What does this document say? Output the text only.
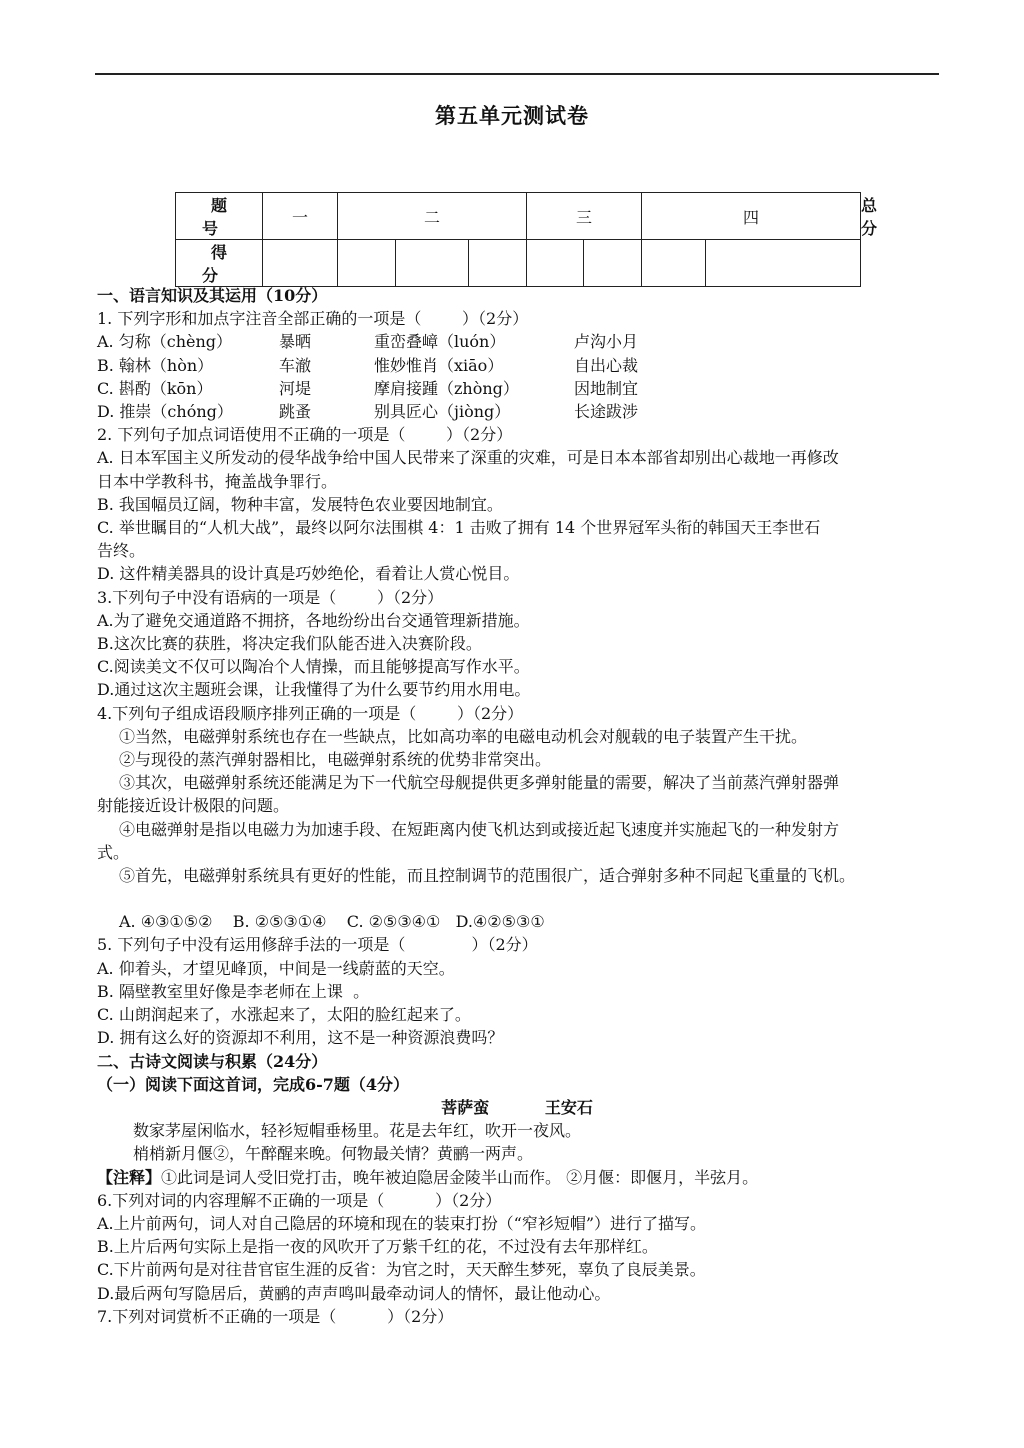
第五单元测试卷
题 号	一	二			三		四		总分
得 分									

一、语言知识及其运用（10分）

1. 下列字形和加点字注音全部正确的一项是（        ）（2分）

A. 匀称（chèng）	暴晒	重峦叠嶂（luón）	卢沟小月
B. 翰林（hòn）	车澈	惟妙惟肖（xiāo）	自出心裁
C. 斟酌（kōn）	河堤	摩肩接踵（zhòng）	因地制宜
D. 推崇（chóng）	跳蚤	别具匠心（jiòng）	长途跋涉

2. 下列句子加点词语使用不正确的一项是（        ）（2分）

A. 日本军国主义所发动的侵华战争给中国人民带来了深重的灾难，可是日本本部省却别出心裁地一再修改

日本中学教科书，掩盖战争罪行。

B. 我国幅员辽阔，物种丰富，发展特色农业要因地制宜。

C. 举世瞩目的“人机大战”，最终以阿尔法围棋 4：1 击败了拥有 14 个世界冠军头衔的韩国天王李世石

告终。

D. 这件精美器具的设计真是巧妙绝伦，看着让人赏心悦目。

3.下列句子中没有语病的一项是（        ）（2分）

A.为了避免交通道路不拥挤，各地纷纷出台交通管理新措施。

B.这次比赛的获胜，将决定我们队能否进入决赛阶段。

C.阅读美文不仅可以陶冶个人情操，而且能够提高写作水平。

D.通过这次主题班会课，让我懂得了为什么要节约用水用电。

4.下列句子组成语段顺序排列正确的一项是（        ）（2分）

①当然，电磁弹射系统也存在一些缺点，比如高功率的电磁电动机会对舰载的电子装置产生干扰。

②与现役的蒸汽弹射器相比，电磁弹射系统的优势非常突出。

③其次，电磁弹射系统还能满足为下一代航空母舰提供更多弹射能量的需要，解决了当前蒸汽弹射器弹

射能接近设计极限的问题。

④电磁弹射是指以电磁力为加速手段、在短距离内使飞机达到或接近起飞速度并实施起飞的一种发射方

式。

⑤首先，电磁弹射系统具有更好的性能，而且控制调节的范围很广，适合弹射多种不同起飞重量的飞机。

A. ④③①⑤②    B. ②⑤③①④    C. ②⑤③④①   D.④②⑤③①

5. 下列句子中没有运用修辞手法的一项是（             ）（2分）

A. 仰着头，才望见峰顶，中间是一线蔚蓝的天空。

B. 隔壁教室里好像是李老师在上课  。

C. 山朗润起来了，水涨起来了，太阳的脸红起来了。

D. 拥有这么好的资源却不利用，这不是一种资源浪费吗？

二、古诗文阅读与积累（24分）

（一）阅读下面这首词，完成6-7题（4分）

菩萨蛮          王安石

数家茅屋闲临水，轻衫短帽垂杨里。花是去年红，吹开一夜风。

梢梢新月偃②，午醉醒来晚。何物最关情？黄鹂一两声。

【注释】①此词是词人受旧党打击，晚年被迫隐居金陵半山而作。 ②月偃：即偃月，半弦月。

6.下列对词的内容理解不正确的一项是（          ）（2分）

A.上片前两句，词人对自己隐居的环境和现在的装束打扮（“窄衫短帽”）进行了描写。

B.上片后两句实际上是指一夜的风吹开了万紫千红的花，不过没有去年那样红。

C.下片前两句是对往昔官宦生涯的反省：为官之时，天天醉生梦死，辜负了良辰美景。

D.最后两句写隐居后，黄鹂的声声鸣叫最牵动词人的情怀，最让他动心。

7.下列对词赏析不正确的一项是（          ）（2分）
